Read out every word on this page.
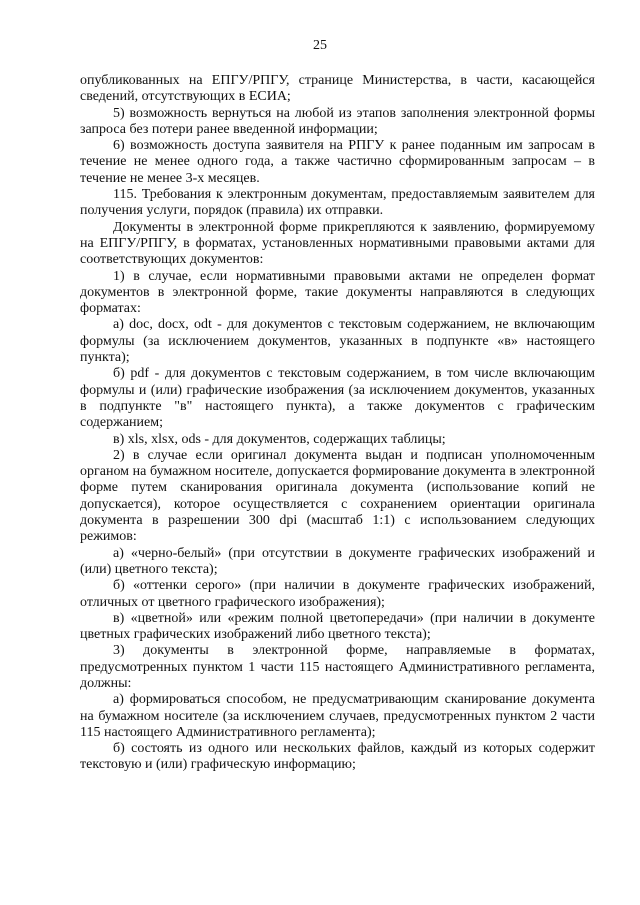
25

опубликованных на ЕПГУ/РПГУ, странице Министерства, в части, касающейся сведений, отсутствующих в ЕСИА;

5) возможность вернуться на любой из этапов заполнения электронной формы запроса без потери ранее введенной информации;

6) возможность доступа заявителя на РПГУ к ранее поданным им запросам в течение не менее одного года, а также частично сформированным запросам – в течение не менее 3-х месяцев.

115. Требования к электронным документам, предоставляемым заявителем для получения услуги, порядок (правила) их отправки.

Документы в электронной форме прикрепляются к заявлению, формируемому на ЕПГУ/РПГУ, в форматах, установленных нормативными правовыми актами для соответствующих документов:

1) в случае, если нормативными правовыми актами не определен формат документов в электронной форме, такие документы направляются в следующих форматах:

а) doc, docx, odt - для документов с текстовым содержанием, не включающим формулы (за исключением документов, указанных в подпункте «в» настоящего пункта);

б) pdf - для документов с текстовым содержанием, в том числе включающим формулы и (или) графические изображения (за исключением документов, указанных в подпункте "в" настоящего пункта), а также документов с графическим содержанием;

в) xls, xlsx, ods - для документов, содержащих таблицы;

2) в случае если оригинал документа выдан и подписан уполномоченным органом на бумажном носителе, допускается формирование документа в электронной форме путем сканирования оригинала документа (использование копий не допускается), которое осуществляется с сохранением ориентации оригинала документа в разрешении 300 dpi (масштаб 1:1) с использованием следующих режимов:

а) «черно-белый» (при отсутствии в документе графических изображений и (или) цветного текста);

б) «оттенки серого» (при наличии в документе графических изображений, отличных от цветного графического изображения);

в) «цветной» или «режим полной цветопередачи» (при наличии в документе цветных графических изображений либо цветного текста);

3) документы в электронной форме, направляемые в форматах, предусмотренных пунктом 1 части 115 настоящего Административного регламента, должны:

а) формироваться способом, не предусматривающим сканирование документа на бумажном носителе (за исключением случаев, предусмотренных пунктом 2 части 115 настоящего Административного регламента);

б) состоять из одного или нескольких файлов, каждый из которых содержит текстовую и (или) графическую информацию;
